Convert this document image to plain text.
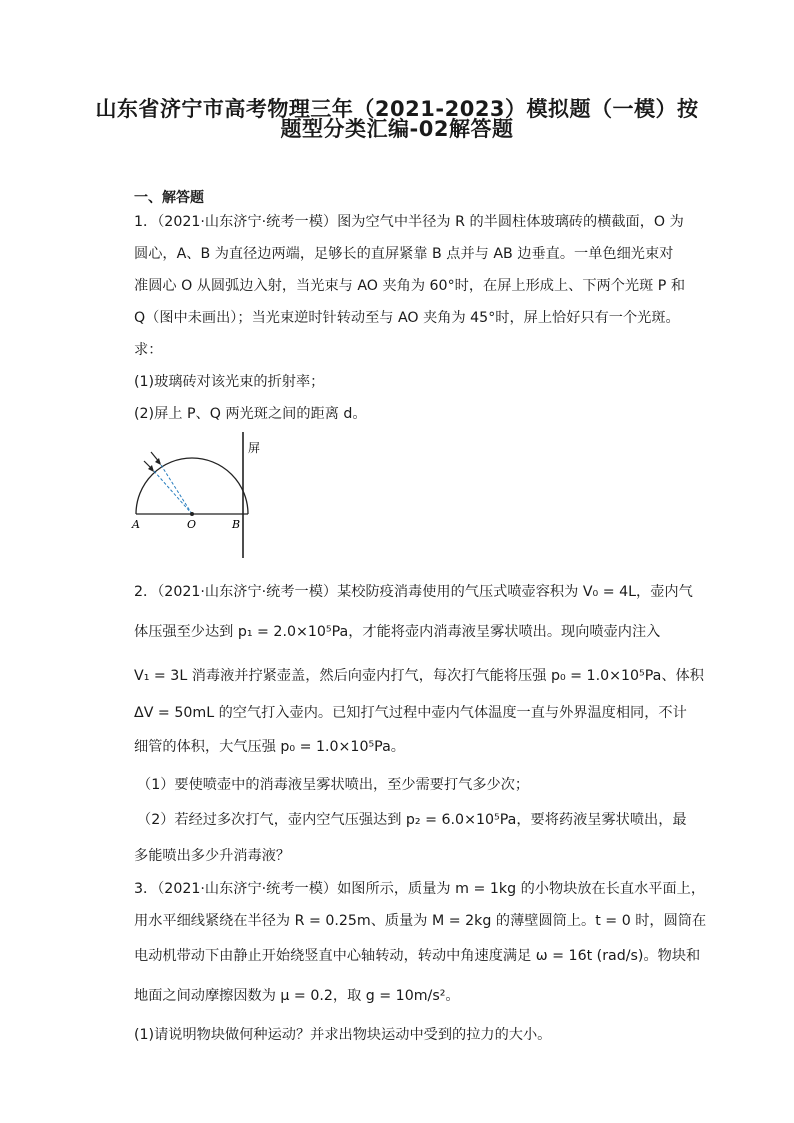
山东省济宁市高考物理三年（2021-2023）模拟题（一模）按
题型分类汇编-02解答题
一、解答题
1．（2021·山东济宁·统考一模）图为空气中半径为 R 的半圆柱体玻璃砖的横截面，O 为
圆心，A、B 为直径边两端，足够长的直屏紧靠 B 点并与 AB 边垂直。一单色细光束对
准圆心 O 从圆弧边入射，当光束与 AO 夹角为 60°时，在屏上形成上、下两个光斑 P 和
Q（图中未画出）；当光束逆时针转动至与 AO 夹角为 45°时，屏上恰好只有一个光斑。
求：
(1)玻璃砖对该光束的折射率；
(2)屏上 P、Q 两光斑之间的距离 d。
屏
A	O	B
2．（2021·山东济宁·统考一模）某校防疫消毒使用的气压式喷壶容积为 V₀ = 4L，壶内气
体压强至少达到 p₁ = 2.0×10⁵Pa，才能将壶内消毒液呈雾状喷出。现向喷壶内注入
V₁ = 3L 消毒液并拧紧壶盖，然后向壶内打气，每次打气能将压强 p₀ = 1.0×10⁵Pa、体积
ΔV = 50mL 的空气打入壶内。已知打气过程中壶内气体温度一直与外界温度相同，不计
细管的体积，大气压强 p₀ = 1.0×10⁵Pa。
（1）要使喷壶中的消毒液呈雾状喷出，至少需要打气多少次；
（2）若经过多次打气，壶内空气压强达到 p₂ = 6.0×10⁵Pa，要将药液呈雾状喷出，最
多能喷出多少升消毒液？
3．（2021·山东济宁·统考一模）如图所示，质量为 m = 1kg 的小物块放在长直水平面上，
用水平细线紧绕在半径为 R = 0.25m、质量为 M = 2kg 的薄壁圆筒上。t = 0 时，圆筒在
电动机带动下由静止开始绕竖直中心轴转动，转动中角速度满足 ω = 16t (rad/s)。物块和
地面之间动摩擦因数为 μ = 0.2，取 g = 10m/s²。
(1)请说明物块做何种运动？并求出物块运动中受到的拉力的大小。
